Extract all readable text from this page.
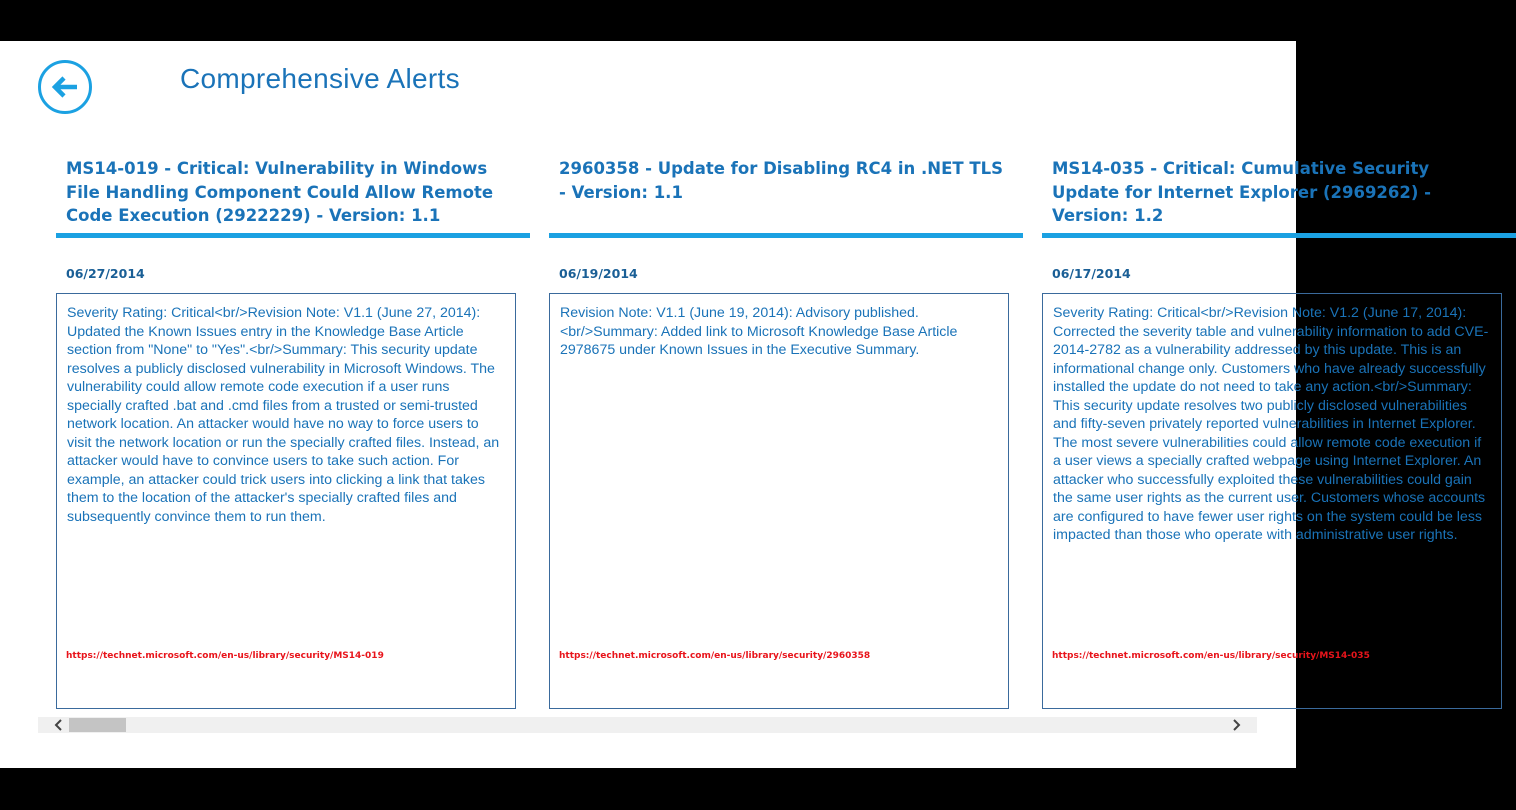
Comprehensive Alerts
MS14-019 - Critical: Vulnerability in Windows File Handling Component Could Allow Remote Code Execution (2922229) - Version: 1.1
06/27/2014

Severity Rating: Critical<br/>Revision Note: V1.1 (June 27, 2014): Updated the Known Issues entry in the Knowledge Base Article section from "None" to "Yes".<br/>Summary: This security update resolves a publicly disclosed vulnerability in Microsoft Windows. The vulnerability could allow remote code execution if a user runs specially crafted .bat and .cmd files from a trusted or semi-trusted network location. An attacker would have no way to force users to visit the network location or run the specially crafted files. Instead, an attacker would have to convince users to take such action. For example, an attacker could trick users into clicking a link that takes them to the location of the attacker's specially crafted files and subsequently convince them to run them.

https://technet.microsoft.com/en-us/library/security/MS14-019
2960358 - Update for Disabling RC4 in .NET TLS - Version: 1.1
06/19/2014

Revision Note: V1.1 (June 19, 2014): Advisory published.<br/>Summary: Added link to Microsoft Knowledge Base Article 2978675 under Known Issues in the Executive Summary.

https://technet.microsoft.com/en-us/library/security/2960358
MS14-035 - Critical: Cumulative Security Update for Internet Explorer (2969262) - Version: 1.2
06/17/2014

Severity Rating: Critical<br/>Revision Note: V1.2 (June 17, 2014): Corrected the severity table and vulnerability information to add CVE-2014-2782 as a vulnerability addressed by this update. This is an informational change only. Customers who have already successfully installed the update do not need to take any action.<br/>Summary: This security update resolves two publicly disclosed vulnerabilities and fifty-seven privately reported vulnerabilities in Internet Explorer. The most severe vulnerabilities could allow remote code execution if a user views a specially crafted webpage using Internet Explorer. An attacker who successfully exploited these vulnerabilities could gain the same user rights as the current user. Customers whose accounts are configured to have fewer user rights on the system could be less impacted than those who operate with administrative user rights.

https://technet.microsoft.com/en-us/library/security/MS14-035
